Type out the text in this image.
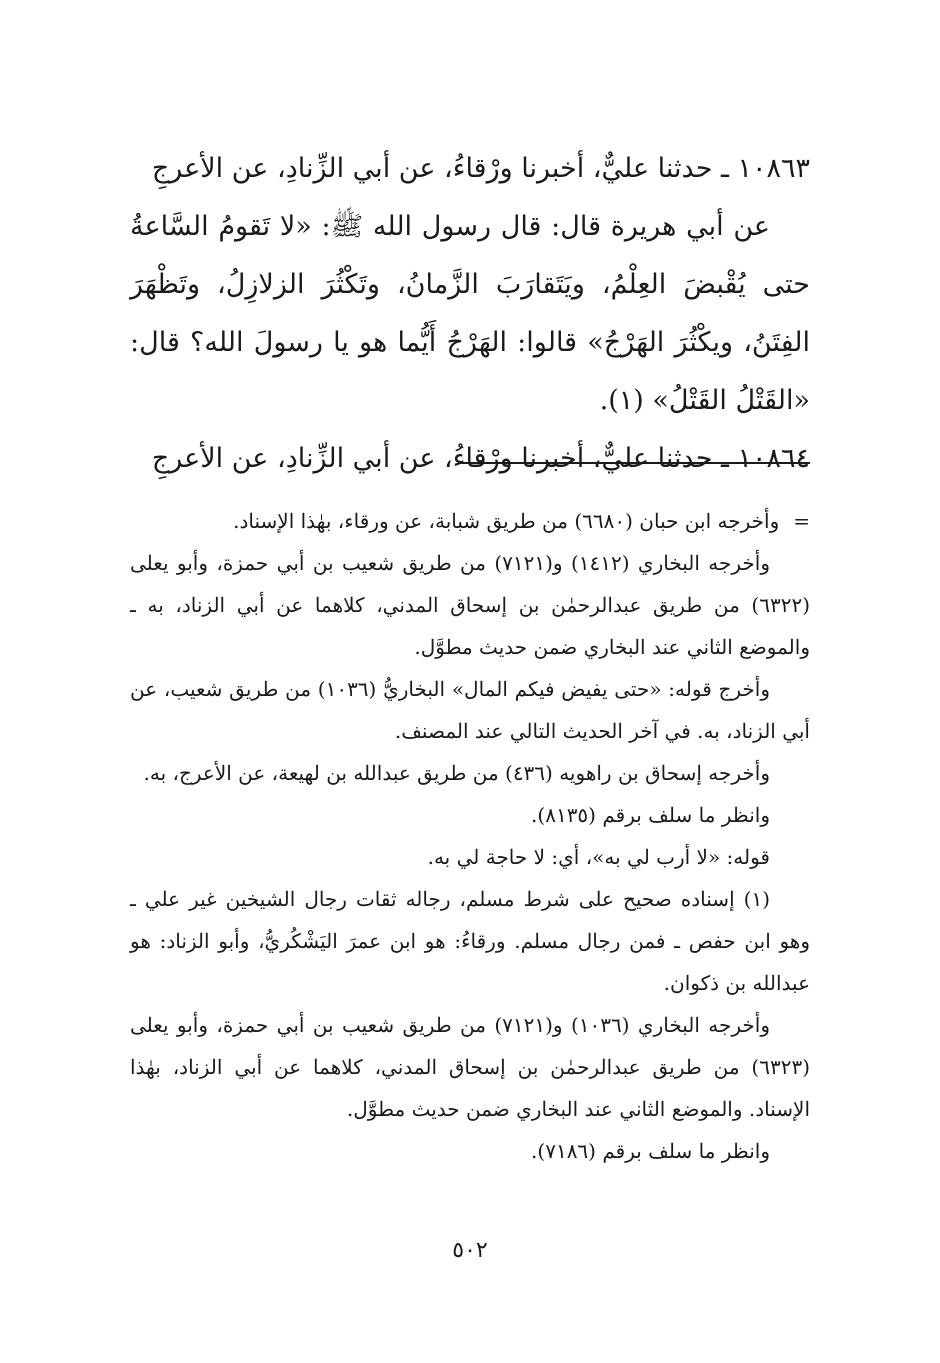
١٠٨٦٣ ـ حدثنا عليٌّ، أخبرنا ورْقاءُ، عن أبي الزِّنادِ، عن الأعرجِ

عن أبي هريرة قال: قال رسول الله ﷺ: «لا تَقومُ السَّاعةُ حتى يُقْبضَ العِلْمُ، ويَتَقارَبَ الزَّمانُ، وتَكْثُرَ الزلازِلُ، وتَظْهَرَ الفِتَنُ، ويكْثُرَ الهَرْجُ» قالوا: الهَرْجُ أَيُّما هو يا رسولَ الله؟ قال: «القَتْلُ القَتْلُ» (١).

١٠٨٦٤ ـ حدثنا عليٌّ، أخبرنا ورْقاءُ، عن أبي الزِّنادِ، عن الأعرجِ

=وأخرجه ابن حبان (٦٦٨٠) من طريق شبابة، عن ورقاء، بهٰذا الإسناد.

وأخرجه البخاري (١٤١٢) و(٧١٢١) من طريق شعيب بن أبي حمزة، وأبو يعلى (٦٣٢٢) من طريق عبدالرحمٰن بن إسحاق المدني، كلاهما عن أبي الزناد، به ـ والموضع الثاني عند البخاري ضمن حديث مطوَّل.

وأخرج قوله: «حتى يفيض فيكم المال» البخاريُّ (١٠٣٦) من طريق شعيب، عن أبي الزناد، به. في آخر الحديث التالي عند المصنف.

وأخرجه إسحاق بن راهويه (٤٣٦) من طريق عبدالله بن لهيعة، عن الأعرج، به.

وانظر ما سلف برقم (٨١٣٥).

قوله: «لا أرب لي به»، أي: لا حاجة لي به.

(١) إسناده صحيح على شرط مسلم، رجاله ثقات رجال الشيخين غير علي ـ وهو ابن حفص ـ فمن رجال مسلم. ورقاءُ: هو ابن عمرَ اليَشْكُريُّ، وأبو الزناد: هو عبدالله بن ذكوان.

وأخرجه البخاري (١٠٣٦) و(٧١٢١) من طريق شعيب بن أبي حمزة، وأبو يعلى (٦٣٢٣) من طريق عبدالرحمٰن بن إسحاق المدني، كلاهما عن أبي الزناد، بهٰذا الإسناد. والموضع الثاني عند البخاري ضمن حديث مطوَّل.

وانظر ما سلف برقم (٧١٨٦).

٥٠٢
